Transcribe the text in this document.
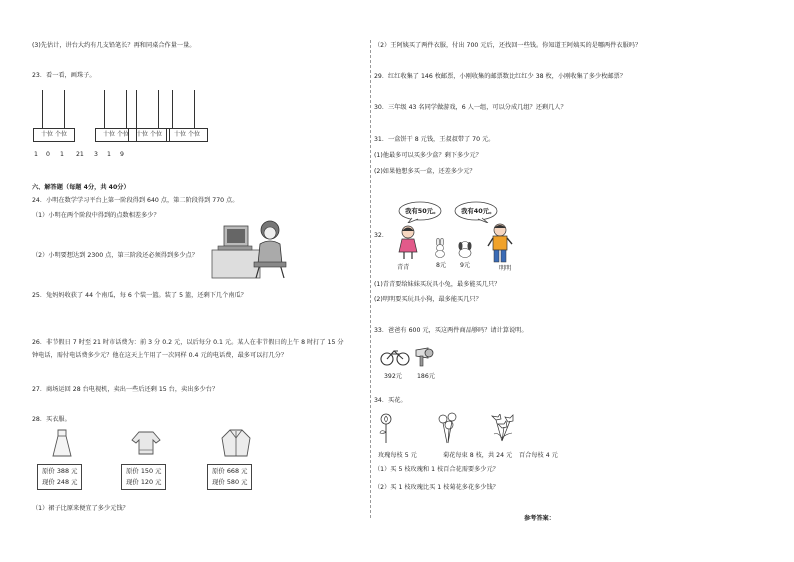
(3)先估计，讲台大约有几支铅笔长？再和同桌合作量一量。
23．看一看，画珠子。
十位 个位	十位 个位	十位 个位	十位 个位
1 0 1 21 3 1 9
六、解答题（每题 4分，共 40分）
24．小明在数学学习平台上第一阶段得到 640 点，第二阶段得到 770 点。
（1）小明在两个阶段中得到的点数相差多少？
（2）小明要想达到 2300 点，第三阶段还必须得到多少点？
25．兔妈妈收获了 44 个南瓜，每 6 个装一篮。装了 5 篮，还剩下几个南瓜？
26．非节假日 7 时至 21 时市话费为：前 3 分 0.2 元，以后每分 0.1 元。某人在非节假日的上午 8 时打了 15 分
钟电话，需付电话费多少元？他在这天上午用了一次同样 0.4 元的电话费，最多可以打几分？
27．商场运回 28 台电视机，卖出一些后还剩 15 台，卖出多少台？
28．买衣服。
原价 388 元
现价 248 元
原价 150 元
现价 120 元
原价 668 元
现价 580 元
（1）裙子比原来便宜了多少元钱？
（2）王阿姨买了两件衣服，付出 700 元后，还找回一些钱。你知道王阿姨买的是哪两件衣服吗？
29．红红收集了 146 枚邮票，小刚收集的邮票数比红红少 38 枚，小刚收集了多少枚邮票？
30．三年级 43 名同学做游戏，6 人一组，可以分成几组？还剩几人？
31．一盒饼干 8 元钱，王叔叔带了 70 元。
(1)他最多可以买多少盒？剩下多少元？
(2)如果他想多买一盒，还差多少元？
32．
我有50元。	我有40元。
青青	8元 9元	明明
(1)青青要给妹妹买玩具小兔，最多能买几只？
(2)明明要买玩具小狗，最多能买几只？
33．爸爸有 600 元，买这两件商品够吗？请计算说明。
392元 186元
34．买花。
玫瑰每枝 5 元	菊花每束 8 枝，共 24 元 百合每枝 4 元
（1）买 5 枝玫瑰和 1 枝百合花需要多少元？
（2）买 1 枝玫瑰比买 1 枝菊花多花多少钱？
参考答案：
